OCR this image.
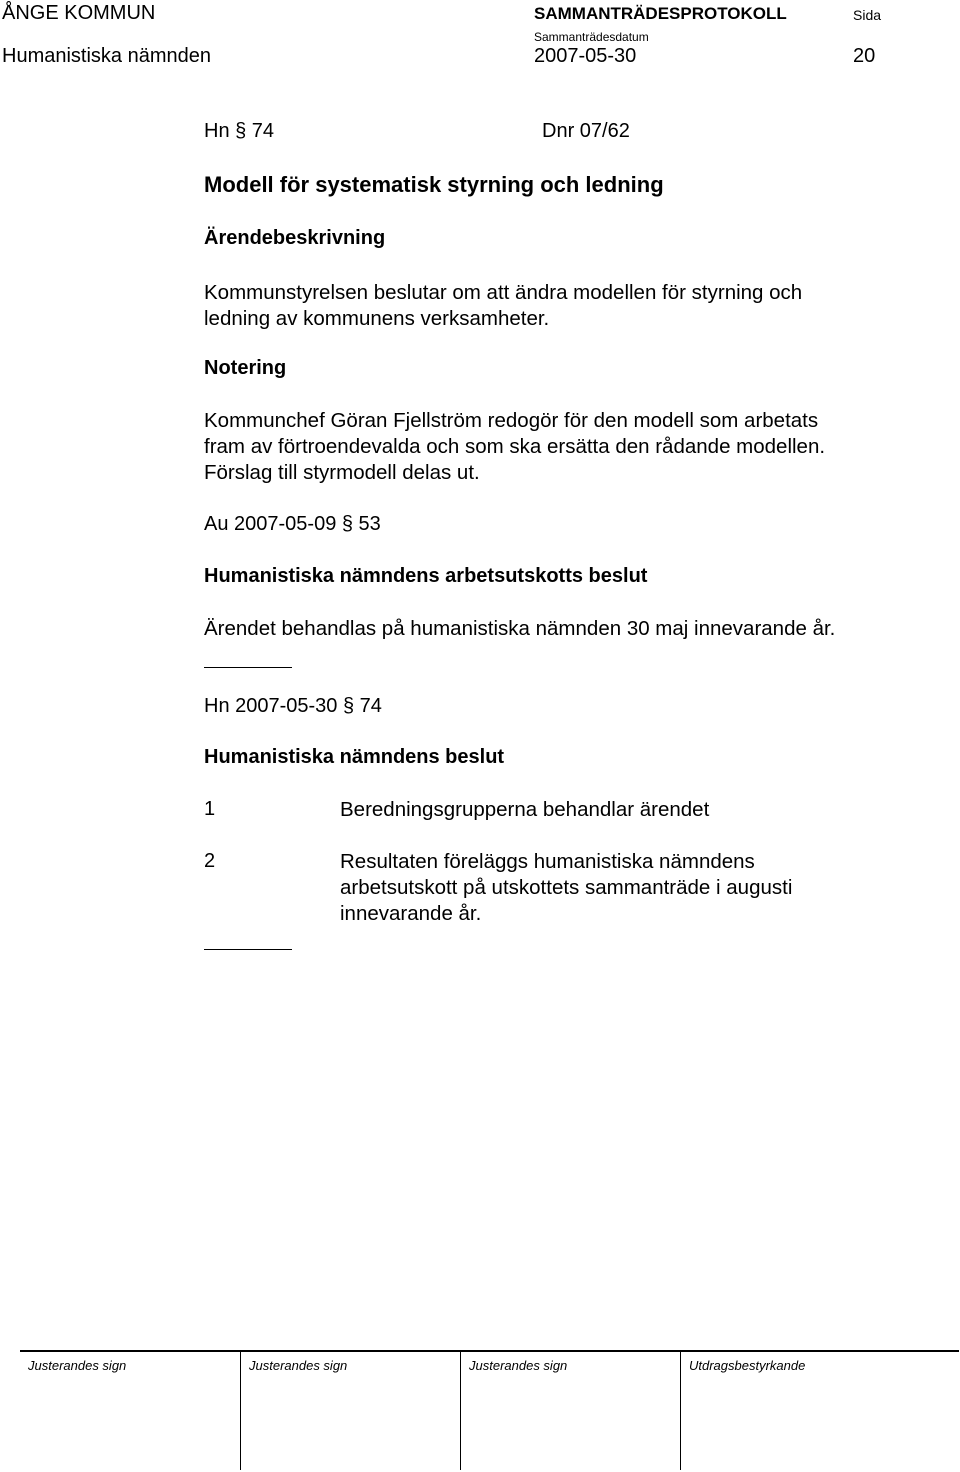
ÅNGE KOMMUN	SAMMANTRÄDESPROTOKOLL	Sida
Humanistiska nämnden
Sammanträdesdatum
2007-05-30	20
Hn § 74	Dnr 07/62
Modell för systematisk styrning och ledning
Ärendebeskrivning
Kommunstyrelsen beslutar om att ändra modellen för styrning och
ledning av kommunens verksamheter.
Notering
Kommunchef Göran Fjellström redogör för den modell som arbetats
fram av förtroendevalda och som ska ersätta den rådande modellen.
Förslag till styrmodell delas ut.
Au 2007-05-09 § 53
Humanistiska nämndens arbetsutskotts beslut
Ärendet behandlas på humanistiska nämnden 30 maj innevarande år.
Hn 2007-05-30 § 74
Humanistiska nämndens beslut
1	Beredningsgrupperna behandlar ärendet
2	Resultaten föreläggs humanistiska nämndens
arbetsutskott på utskottets sammanträde i augusti
innevarande år.
Justerandes sign	Justerandes sign	Justerandes sign	Utdragsbestyrkande
